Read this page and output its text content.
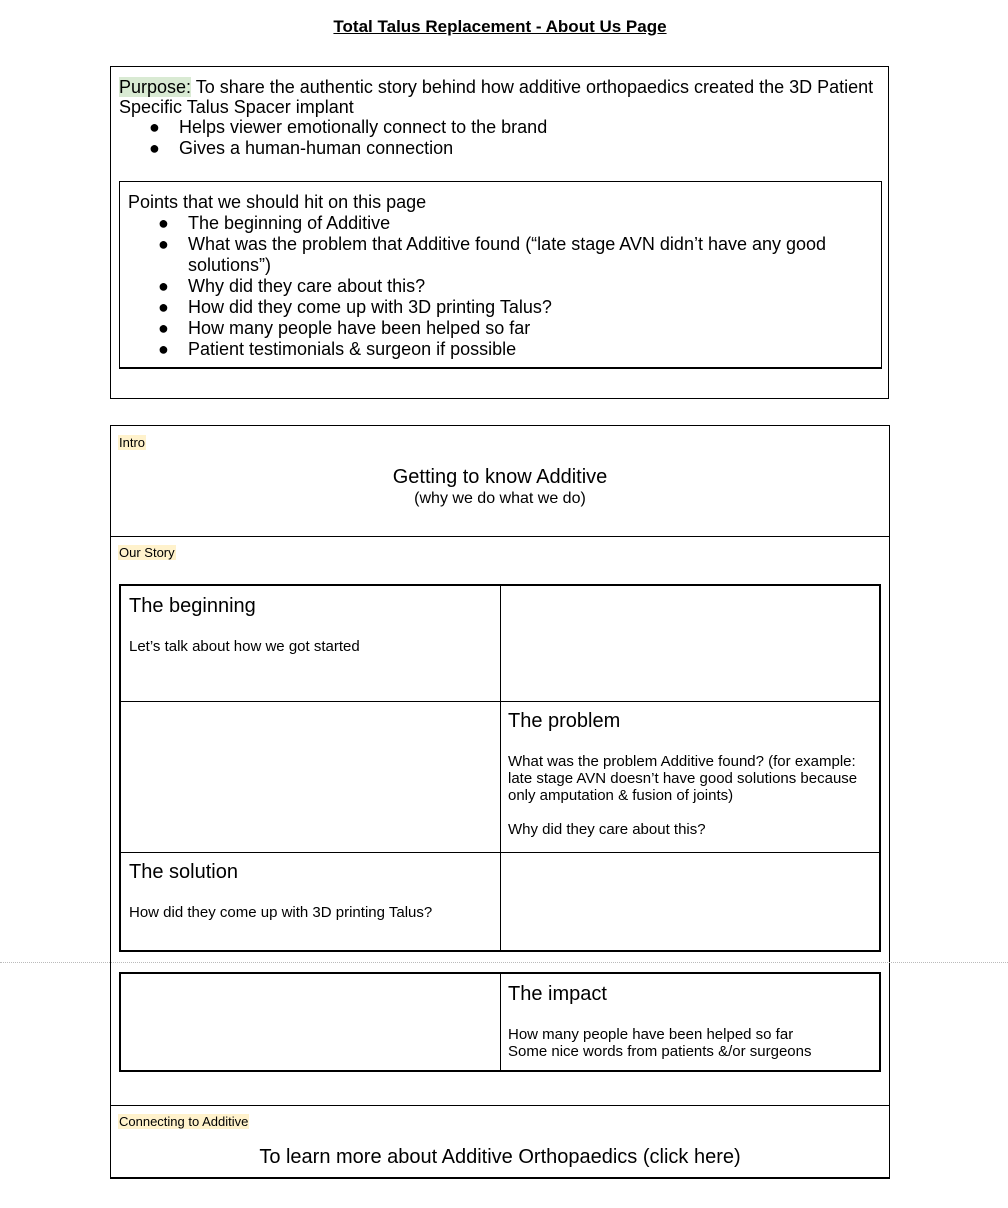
Total Talus Replacement - About Us Page
Purpose: To share the authentic story behind how additive orthopaedics created the 3D Patient Specific Talus Spacer implant
● Helps viewer emotionally connect to the brand
● Gives a human-human connection
Points that we should hit on this page
● The beginning of Additive
● What was the problem that Additive found (“late stage AVN didn’t have any good solutions”)
● Why did they care about this?
● How did they come up with 3D printing Talus?
● How many people have been helped so far
● Patient testimonials & surgeon if possible
Intro
Getting to know Additive
(why we do what we do)
Our Story
The beginning

Let’s talk about how we got started

The problem

What was the problem Additive found? (for example: late stage AVN doesn’t have good solutions because only amputation & fusion of joints)

Why did they care about this?

The solution

How did they come up with 3D printing Talus?

The impact
How many people have been helped so far
Some nice words from patients &/or surgeons
Connecting to Additive
To learn more about Additive Orthopaedics (click here)
